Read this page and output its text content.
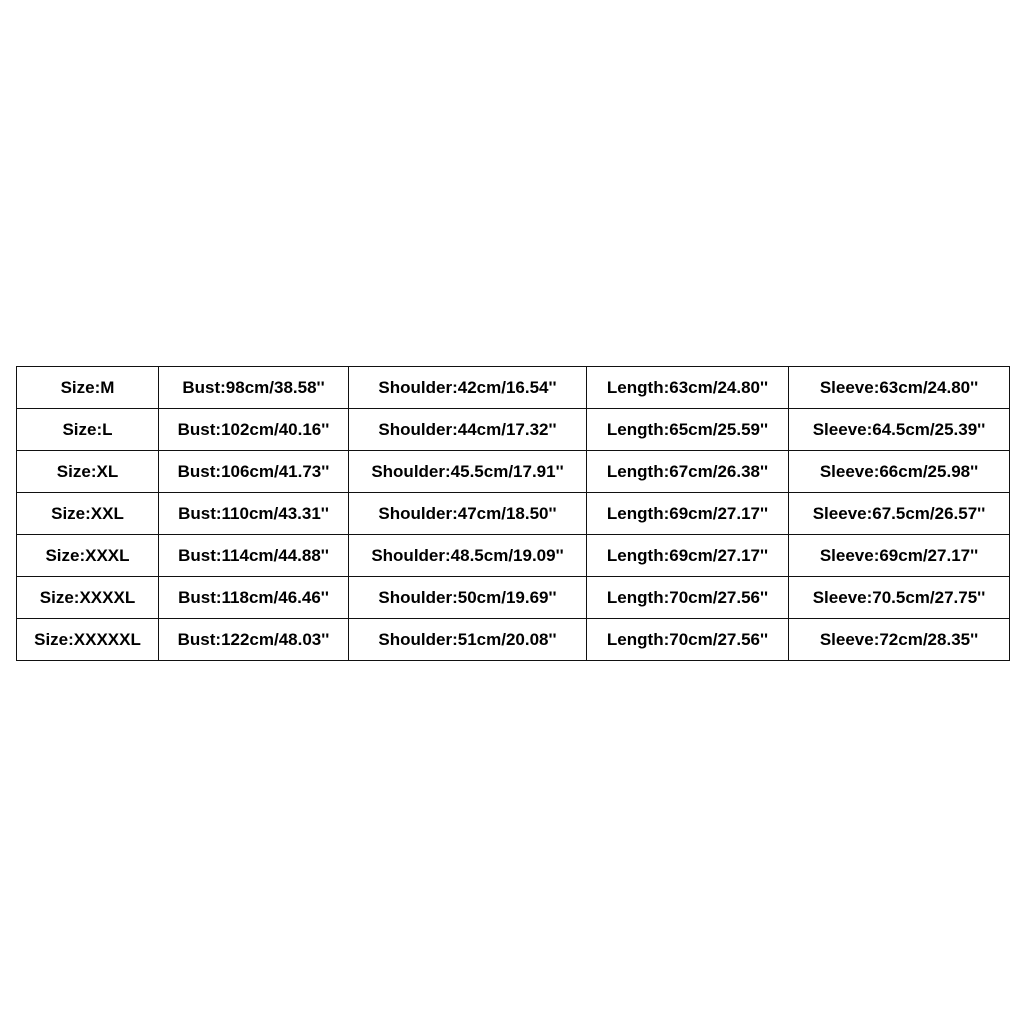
Size:M	Bust:98cm/38.58''	Shoulder:42cm/16.54''	Length:63cm/24.80''	Sleeve:63cm/24.80''
Size:L	Bust:102cm/40.16''	Shoulder:44cm/17.32''	Length:65cm/25.59''	Sleeve:64.5cm/25.39''
Size:XL	Bust:106cm/41.73''	Shoulder:45.5cm/17.91''	Length:67cm/26.38''	Sleeve:66cm/25.98''
Size:XXL	Bust:110cm/43.31''	Shoulder:47cm/18.50''	Length:69cm/27.17''	Sleeve:67.5cm/26.57''
Size:XXXL	Bust:114cm/44.88''	Shoulder:48.5cm/19.09''	Length:69cm/27.17''	Sleeve:69cm/27.17''
Size:XXXXL	Bust:118cm/46.46''	Shoulder:50cm/19.69''	Length:70cm/27.56''	Sleeve:70.5cm/27.75''
Size:XXXXXL	Bust:122cm/48.03''	Shoulder:51cm/20.08''	Length:70cm/27.56''	Sleeve:72cm/28.35''
